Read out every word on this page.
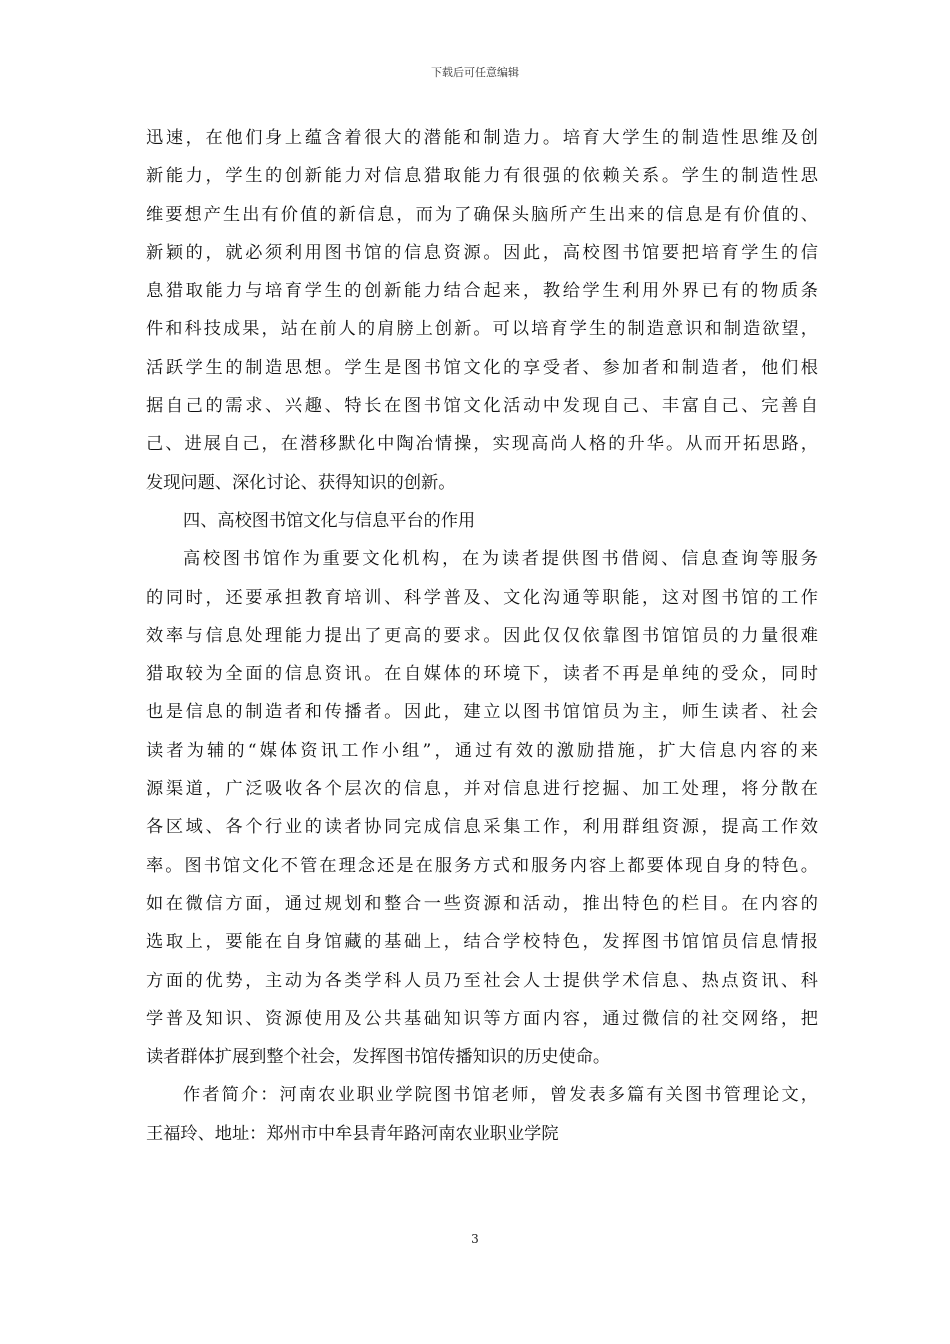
下载后可任意编辑
迅速，在他们身上蕴含着很大的潜能和制造力。培育大学生的制造性思维及创
新能力，学生的创新能力对信息猎取能力有很强的依赖关系。学生的制造性思
维要想产生出有价值的新信息，而为了确保头脑所产生出来的信息是有价值的、
新颖的，就必须利用图书馆的信息资源。因此，高校图书馆要把培育学生的信
息猎取能力与培育学生的创新能力结合起来，教给学生利用外界已有的物质条
件和科技成果，站在前人的肩膀上创新。可以培育学生的制造意识和制造欲望，
活跃学生的制造思想。学生是图书馆文化的享受者、参加者和制造者，他们根
据自己的需求、兴趣、特长在图书馆文化活动中发现自己、丰富自己、完善自
己、进展自己，在潜移默化中陶冶情操，实现高尚人格的升华。从而开拓思路，
发现问题、深化讨论、获得知识的创新。
四、高校图书馆文化与信息平台的作用
高校图书馆作为重要文化机构，在为读者提供图书借阅、信息查询等服务
的同时，还要承担教育培训、科学普及、文化沟通等职能，这对图书馆的工作
效率与信息处理能力提出了更高的要求。因此仅仅依靠图书馆馆员的力量很难
猎取较为全面的信息资讯。在自媒体的环境下，读者不再是单纯的受众，同时
也是信息的制造者和传播者。因此，建立以图书馆馆员为主，师生读者、社会
读者为辅的“媒体资讯工作小组”，通过有效的激励措施，扩大信息内容的来
源渠道，广泛吸收各个层次的信息，并对信息进行挖掘、加工处理，将分散在
各区域、各个行业的读者协同完成信息采集工作，利用群组资源，提高工作效
率。图书馆文化不管在理念还是在服务方式和服务内容上都要体现自身的特色。
如在微信方面，通过规划和整合一些资源和活动，推出特色的栏目。在内容的
选取上，要能在自身馆藏的基础上，结合学校特色，发挥图书馆馆员信息情报
方面的优势，主动为各类学科人员乃至社会人士提供学术信息、热点资讯、科
学普及知识、资源使用及公共基础知识等方面内容，通过微信的社交网络，把
读者群体扩展到整个社会，发挥图书馆传播知识的历史使命。
作者简介：河南农业职业学院图书馆老师，曾发表多篇有关图书管理论文，
王福玲、地址：郑州市中牟县青年路河南农业职业学院
3
